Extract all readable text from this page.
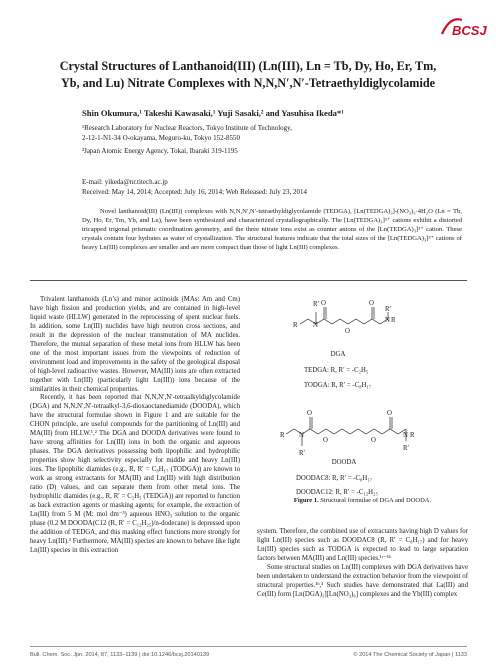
BCSJ
Crystal Structures of Lanthanoid(III) (Ln(III), Ln = Tb, Dy, Ho, Er, Tm, Yb, and Lu) Nitrate Complexes with N,N,N′,N′-Tetraethyldiglycolamide
Shin Okumura,¹ Takeshi Kawasaki,¹ Yuji Sasaki,² and Yasuhisa Ikeda*¹
¹Research Laboratory for Nuclear Reactors, Tokyo Institute of Technology,
2-12-1-N1-34 O-okayama, Meguro-ku, Tokyo 152-8550
²Japan Atomic Energy Agency, Tokai, Ibaraki 319-1195
E-mail: yikeda@nr.titech.ac.jp
Received: May 14, 2014; Accepted: July 16, 2014; Web Released: July 23, 2014
Novel lanthanoid(III) (Ln(III)) complexes with N,N,N′,N′-tetraethyldiglycolamide (TEDGA), [Ln(TEDGA)₃]-(NO₃)₃·4H₂O (Ln = Tb, Dy, Ho, Er, Tm, Yb, and Lu), have been synthesized and characterized crystallographically. The [Ln(TEDGA)₃]³⁺ cations exhibit a distorted tricapped trigonal prismatic coordination geometry, and the three nitrate ions exist as counter anions of the [Ln(TEDGA)₃]³⁺ cation. These crystals contain four hydrates as water of crystallization. The structural features indicate that the total sizes of the [Ln(TEDGA)₃]³⁺ cations of heavy Ln(III) complexes are smaller and are more compact than those of light Ln(III) complexes.

Trivalent lanthanoids (Ln’s) and minor actinoids (MAs: Am and Cm) have high fission and production yields, and are contained in high-level liquid waste (HLLW) generated in the reprocessing of spent nuclear fuels. In addition, some Ln(III) nuclides have high neutron cross sections, and result in the depression of the nuclear transmutation of MA nuclides. Therefore, the mutual separation of these metal ions from HLLW has been one of the most important issues from the viewpoints of reduction of environment load and improvements in the safety of the geological disposal of high-level radioactive wastes. However, MA(III) ions are often extracted together with Ln(III) (particularly light Ln(III)) ions because of the similarities in their chemical properties.

Recently, it has been reported that N,N,N′,N′-tetraalkyldiglycolamide (DGA) and N,N,N′,N′-tetraalkyl-3,6-dioxaoctanediamide (DOODA), which have the structural formulae shown in Figure 1 and are suitable for the CHON principle, are useful compounds for the partitioning of Ln(III) and MA(III) from HLLW.¹,² The DGA and DOODA derivatives were found to have strong affinities for Ln(III) ions in both the organic and aqueous phases. The DGA derivatives possessing both lipophilic and hydrophilic properties show high selectivity especially for middle and heavy Ln(III) ions. The lipophilic diamides (e.g., R, R′ = C₈H₁₇ (TODGA)) are known to work as strong extractants for MA(III) and Ln(III) with high distribution ratio (D) values, and can separate them from other metal ions. The hydrophilic diamides (e.g., R, R′ = C₂H₅ (TEDGA)) are reported to function as back extraction agents or masking agents; for example, the extraction of Ln(III) from 5 M (M: mol dm⁻³) aqueous HNO₃ solution to the organic phase (0.2 M DOODA(C12 (R, R′ = C₁₂H₂₅)/n-dodecane) is depressed upon the addition of TEDGA, and this masking effect functions more strongly for heavy Ln(III).³ Furthermore, MA(III) species are known to behave like light Ln(III) species in this extraction

R′ O
R N
O
O
N R
R′
DGA
TEDGA: R, R′ = -C₂H₅
TODGA: R, R′ = -C₈H₁₇
O
R N
R′
O	O
O
N R
R′
DOODA
DOODAC8: R, R′ = -C₈H₁₇
DOODAC12: R, R′ = -C₁₂H₂₅
Figure 1. Structural formulae of DGA and DOODA.

system. Therefore, the combined use of extractants having high D values for light Ln(III) species such as DOODAC8 (R, R′ = C₈H₁₇) and for heavy Ln(III) species such as TODGA is expected to lead to large separation factors between MA(III) and Ln(III) species.¹ʳ⁻¹ᵏ

Some structural studies on Ln(III) complexes with DGA derivatives have been undertaken to understand the extraction behavior from the viewpoint of structural properties.¹ᵇ,³ Such studies have demonstrated that La(III) and Ce(III) form [Ln(DGA)₃][Ln(NO₃)₆] complexes and the Yb(III) complex

Bull. Chem. Soc. Jpn. 2014, 87, 1133–1139 | doi:10.1246/bcsj.20140139	© 2014 The Chemical Society of Japan | 1133
